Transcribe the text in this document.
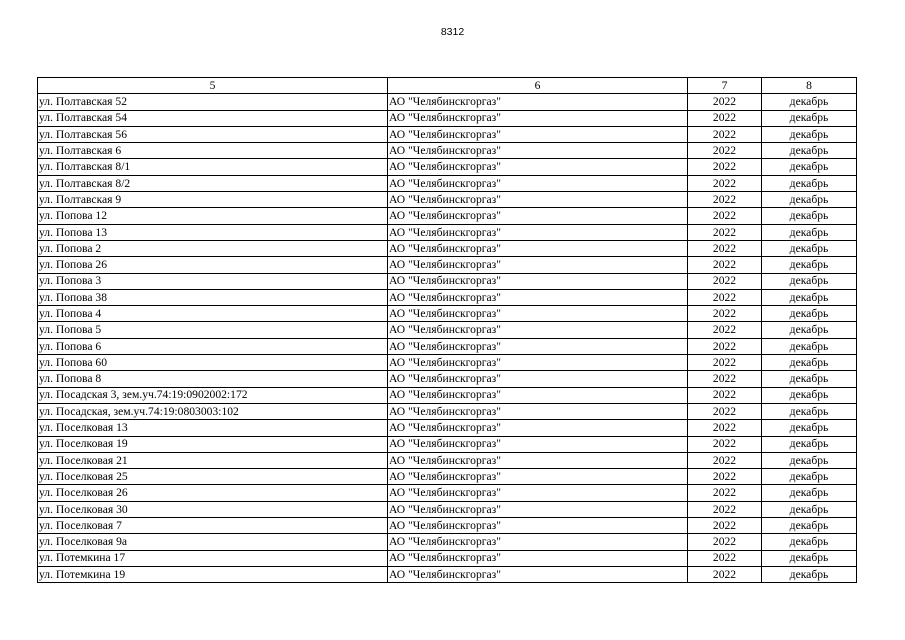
8312
5	6	7	8
ул. Полтавская 52	АО "Челябинскгоргаз"	2022	декабрь
ул. Полтавская 54	АО "Челябинскгоргаз"	2022	декабрь
ул. Полтавская 56	АО "Челябинскгоргаз"	2022	декабрь
ул. Полтавская 6	АО "Челябинскгоргаз"	2022	декабрь
ул. Полтавская 8/1	АО "Челябинскгоргаз"	2022	декабрь
ул. Полтавская 8/2	АО "Челябинскгоргаз"	2022	декабрь
ул. Полтавская 9	АО "Челябинскгоргаз"	2022	декабрь
ул. Попова 12	АО "Челябинскгоргаз"	2022	декабрь
ул. Попова 13	АО "Челябинскгоргаз"	2022	декабрь
ул. Попова 2	АО "Челябинскгоргаз"	2022	декабрь
ул. Попова 26	АО "Челябинскгоргаз"	2022	декабрь
ул. Попова 3	АО "Челябинскгоргаз"	2022	декабрь
ул. Попова 38	АО "Челябинскгоргаз"	2022	декабрь
ул. Попова 4	АО "Челябинскгоргаз"	2022	декабрь
ул. Попова 5	АО "Челябинскгоргаз"	2022	декабрь
ул. Попова 6	АО "Челябинскгоргаз"	2022	декабрь
ул. Попова 60	АО "Челябинскгоргаз"	2022	декабрь
ул. Попова 8	АО "Челябинскгоргаз"	2022	декабрь
ул. Посадская 3, зем.уч.74:19:0902002:172	АО "Челябинскгоргаз"	2022	декабрь
ул. Посадская, зем.уч.74:19:0803003:102	АО "Челябинскгоргаз"	2022	декабрь
ул. Поселковая 13	АО "Челябинскгоргаз"	2022	декабрь
ул. Поселковая 19	АО "Челябинскгоргаз"	2022	декабрь
ул. Поселковая 21	АО "Челябинскгоргаз"	2022	декабрь
ул. Поселковая 25	АО "Челябинскгоргаз"	2022	декабрь
ул. Поселковая 26	АО "Челябинскгоргаз"	2022	декабрь
ул. Поселковая 30	АО "Челябинскгоргаз"	2022	декабрь
ул. Поселковая 7	АО "Челябинскгоргаз"	2022	декабрь
ул. Поселковая 9а	АО "Челябинскгоргаз"	2022	декабрь
ул. Потемкина 17	АО "Челябинскгоргаз"	2022	декабрь
ул. Потемкина 19	АО "Челябинскгоргаз"	2022	декабрь
